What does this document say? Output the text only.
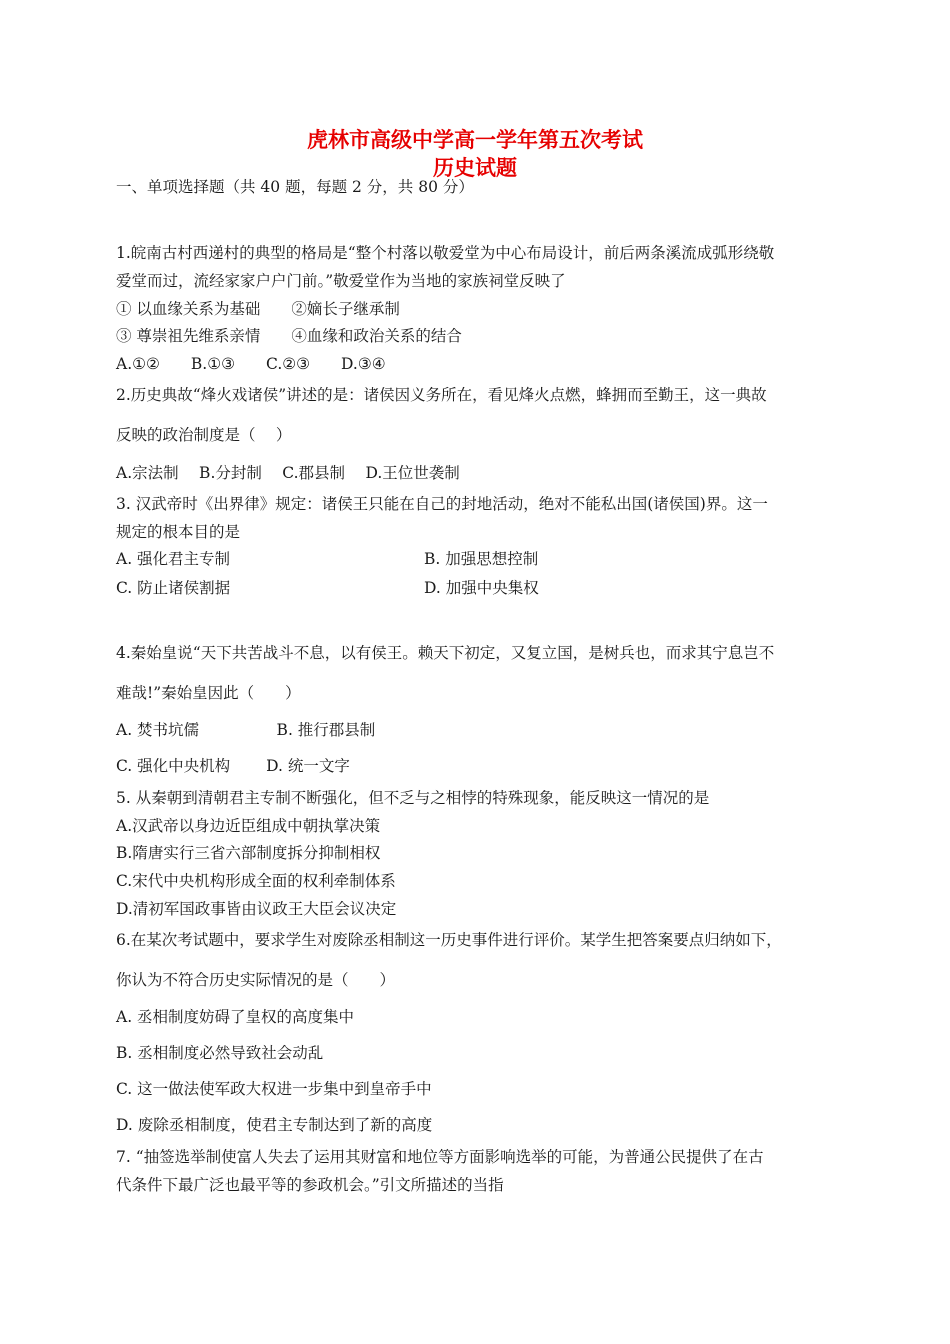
虎林市高级中学高一学年第五次考试
历史试题
一、单项选择题（共 40 题，每题 2 分，共 80 分）
1.皖南古村西递村的典型的格局是“整个村落以敬爱堂为中心布局设计，前后两条溪流成弧形绕敬
爱堂而过，流经家家户户门前。”敬爱堂作为当地的家族祠堂反映了
① 以血缘关系为基础　　②嫡长子继承制
③ 尊崇祖先维系亲情　　④血缘和政治关系的结合
A.①②　　B.①③　　C.②③　　D.③④
2.历史典故“烽火戏诸侯”讲述的是：诸侯因义务所在，看见烽火点燃，蜂拥而至勤王，这一典故
反映的政治制度是（　 ）
A.宗法制　 B.分封制　 C.郡县制　 D.王位世袭制
3. 汉武帝时《出界律》规定：诸侯王只能在自己的封地活动，绝对不能私出国(诸侯国)界。这一
规定的根本目的是
A. 强化君主专制	B. 加强思想控制
C. 防止诸侯割据	D. 加强中央集权
4.秦始皇说“天下共苦战斗不息，以有侯王。赖天下初定，又复立国，是树兵也，而求其宁息岂不
难哉!”秦始皇因此（　　）
A. 焚书坑儒　　　　　B. 推行郡县制
C. 强化中央机构　　 D. 统一文字
5. 从秦朝到清朝君主专制不断强化，但不乏与之相悖的特殊现象，能反映这一情况的是
A.汉武帝以身边近臣组成中朝执掌决策
B.隋唐实行三省六部制度拆分抑制相权
C.宋代中央机构形成全面的权利牵制体系
D.清初军国政事皆由议政王大臣会议决定
6.在某次考试题中，要求学生对废除丞相制这一历史事件进行评价。某学生把答案要点归纳如下，
你认为不符合历史实际情况的是（　　）
A. 丞相制度妨碍了皇权的高度集中
B. 丞相制度必然导致社会动乱
C. 这一做法使军政大权进一步集中到皇帝手中
D. 废除丞相制度，使君主专制达到了新的高度
7. “抽签选举制使富人失去了运用其财富和地位等方面影响选举的可能，为普通公民提供了在古
代条件下最广泛也最平等的参政机会。”引文所描述的当指
